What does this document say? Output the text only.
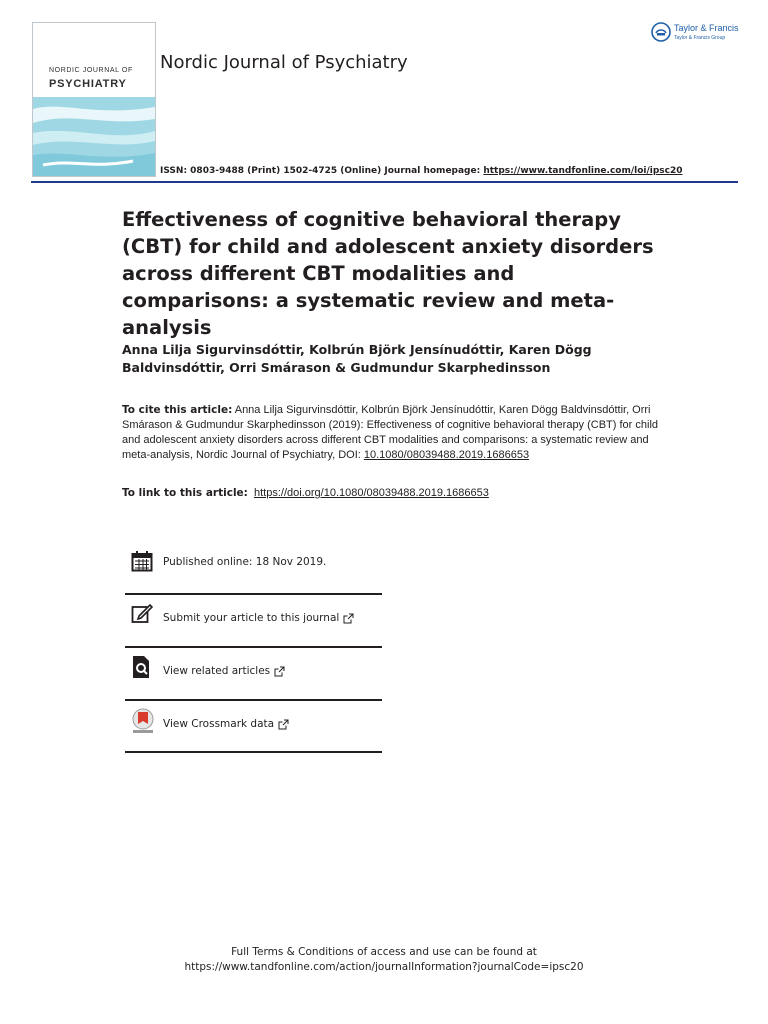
NORDIC JOURNAL OF
PSYCHIATRY
Nordic Journal of Psychiatry
Taylor & Francis
Taylor & Francis Group
ISSN: 0803-9488 (Print) 1502-4725 (Online) Journal homepage: https://www.tandfonline.com/loi/ipsc20
Effectiveness of cognitive behavioral therapy (CBT) for child and adolescent anxiety disorders across different CBT modalities and comparisons: a systematic review and meta-analysis
Anna Lilja Sigurvinsdóttir, Kolbrún Björk Jensínudóttir, Karen Dögg Baldvinsdóttir, Orri Smárason & Gudmundur Skarphedinsson
To cite this article: Anna Lilja Sigurvinsdóttir, Kolbrún Björk Jensínudóttir, Karen Dögg Baldvinsdóttir, Orri Smárason & Gudmundur Skarphedinsson (2019): Effectiveness of cognitive behavioral therapy (CBT) for child and adolescent anxiety disorders across different CBT modalities and comparisons: a systematic review and meta-analysis, Nordic Journal of Psychiatry, DOI: 10.1080/08039488.2019.1686653
To link to this article: https://doi.org/10.1080/08039488.2019.1686653
Published online: 18 Nov 2019.
Submit your article to this journal
View related articles
View Crossmark data
Full Terms & Conditions of access and use can be found at
https://www.tandfonline.com/action/journalInformation?journalCode=ipsc20
